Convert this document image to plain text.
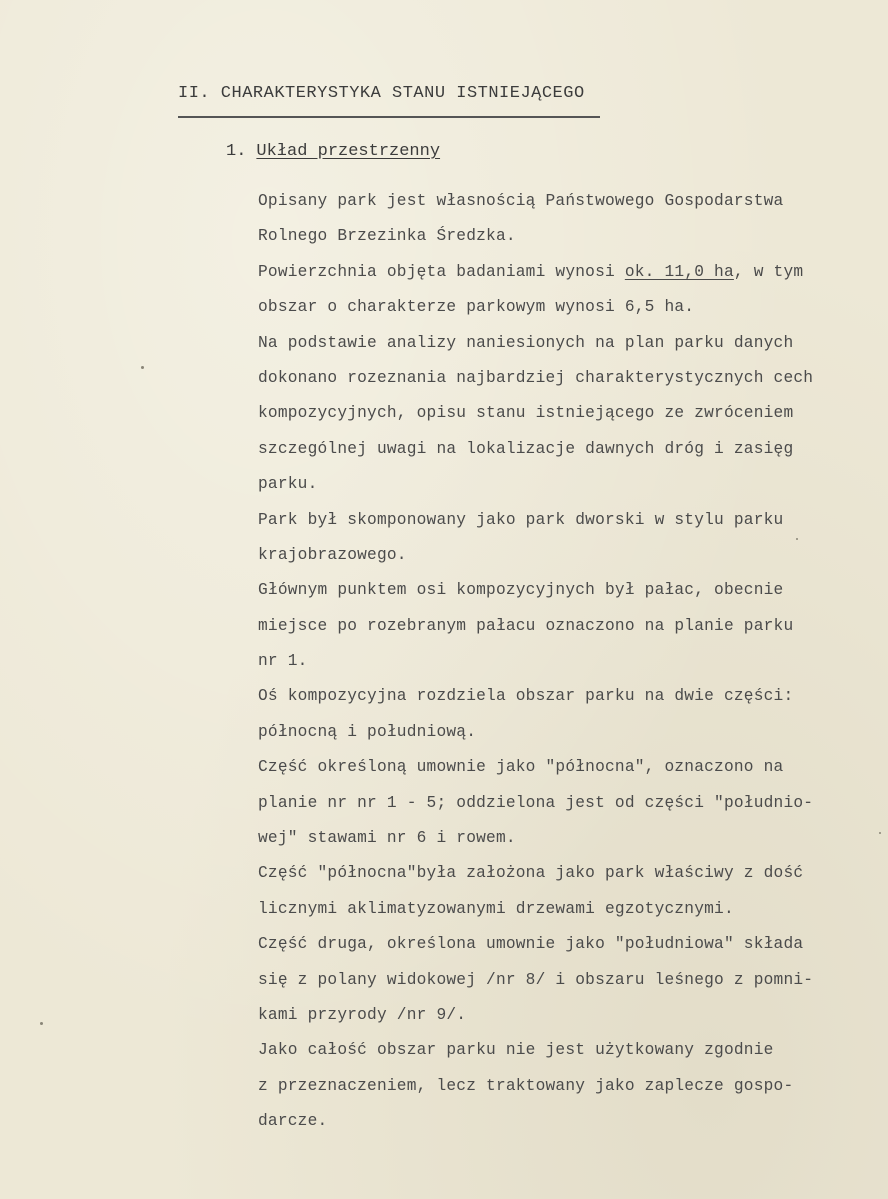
II. CHARAKTERYSTYKA STANU ISTNIEJĄCEGO
1. Układ przestrzenny
Opisany park jest własnością Państwowego Gospodarstwa
Rolnego Brzezinka Średzka.
Powierzchnia objęta badaniami wynosi ok. 11,0 ha, w tym
obszar o charakterze parkowym wynosi 6,5 ha.
Na podstawie analizy naniesionych na plan parku danych
dokonano rozeznania najbardziej charakterystycznych cech
kompozycyjnych, opisu stanu istniejącego ze zwróceniem
szczególnej uwagi na lokalizacje dawnych dróg i zasięg
parku.
Park był skomponowany jako park dworski w stylu parku
krajobrazowego.
Głównym punktem osi kompozycyjnych był pałac, obecnie
miejsce po rozebranym pałacu oznaczono na planie parku
nr 1.
Oś kompozycyjna rozdziela obszar parku na dwie części:
północną i południową.
Część określoną umownie jako "północna", oznaczono na
planie nr nr 1 - 5; oddzielona jest od części "południo-
wej" stawami nr 6 i rowem.
Część "północna"była założona jako park właściwy z dość
licznymi aklimatyzowanymi drzewami egzotycznymi.
Część druga, określona umownie jako "południowa" składa
się z polany widokowej /nr 8/ i obszaru leśnego z pomni-
kami przyrody /nr 9/.
Jako całość obszar parku nie jest użytkowany zgodnie
z przeznaczeniem, lecz traktowany jako zaplecze gospo-
darcze.
